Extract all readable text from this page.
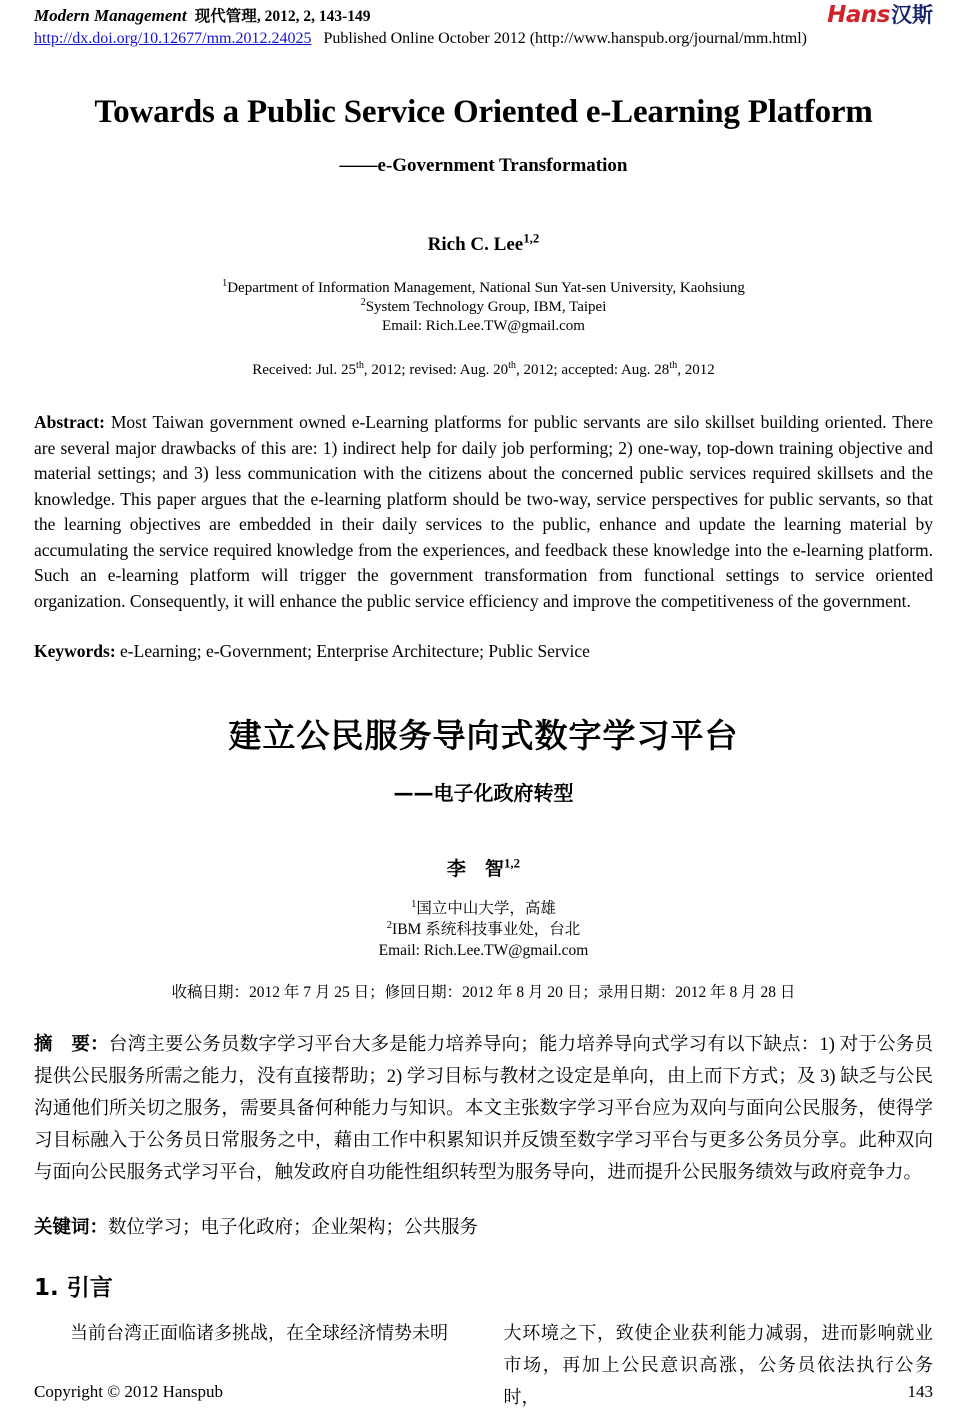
Modern Management 现代管理, 2012, 2, 143-149
http://dx.doi.org/10.12677/mm.2012.24025 Published Online October 2012 (http://www.hanspub.org/journal/mm.html)
Hans汉斯
Towards a Public Service Oriented e-Learning Platform
——e-Government Transformation
Rich C. Lee$^{1,2}$
$^1$Department of Information Management, National Sun Yat-sen University, Kaohsiung
$^2$System Technology Group, IBM, Taipei
Email: Rich.Lee.TW@gmail.com
Received: Jul. 25th, 2012; revised: Aug. 20th, 2012; accepted: Aug. 28th, 2012

Abstract: Most Taiwan government owned e-Learning platforms for public servants are silo skillset building oriented. There are several major drawbacks of this are: 1) indirect help for daily job performing; 2) one-way, top-down training objective and material settings; and 3) less communication with the citizens about the concerned public services required skillsets and the knowledge. This paper argues that the e-learning platform should be two-way, service perspectives for public servants, so that the learning objectives are embedded in their daily services to the public, enhance and update the learning material by accumulating the service required knowledge from the experiences, and feedback these knowledge into the e-learning platform. Such an e-learning platform will trigger the government transformation from functional settings to service oriented organization. Consequently, it will enhance the public service efficiency and improve the competitiveness of the government.

Keywords: e-Learning; e-Government; Enterprise Architecture; Public Service

建立公民服务导向式数字学习平台
——电子化政府转型
李　智$^{1,2}$
$^1$国立中山大学，高雄
$^2$IBM 系统科技事业处，台北
Email: Rich.Lee.TW@gmail.com
收稿日期：2012 年 7 月 25 日；修回日期：2012 年 8 月 20 日；录用日期：2012 年 8 月 28 日

摘　要：台湾主要公务员数字学习平台大多是能力培养导向；能力培养导向式学习有以下缺点：1) 对于公务员提供公民服务所需之能力，没有直接帮助；2) 学习目标与教材之设定是单向，由上而下方式；及 3) 缺乏与公民沟通他们所关切之服务，需要具备何种能力与知识。本文主张数字学习平台应为双向与面向公民服务，使得学习目标融入于公务员日常服务之中，藉由工作中积累知识并反馈至数字学习平台与更多公务员分享。此种双向与面向公民服务式学习平台，触发政府自功能性组织转型为服务导向，进而提升公民服务绩效与政府竞争力。

关键词：数位学习；电子化政府；企业架构；公共服务

1. 引言

当前台湾正面临诸多挑战，在全球经济情势未明	大环境之下，致使企业获利能力减弱，进而影响就业市场，再加上公民意识高涨，公务员依法执行公务时，

Copyright © 2012 Hanspub	143
